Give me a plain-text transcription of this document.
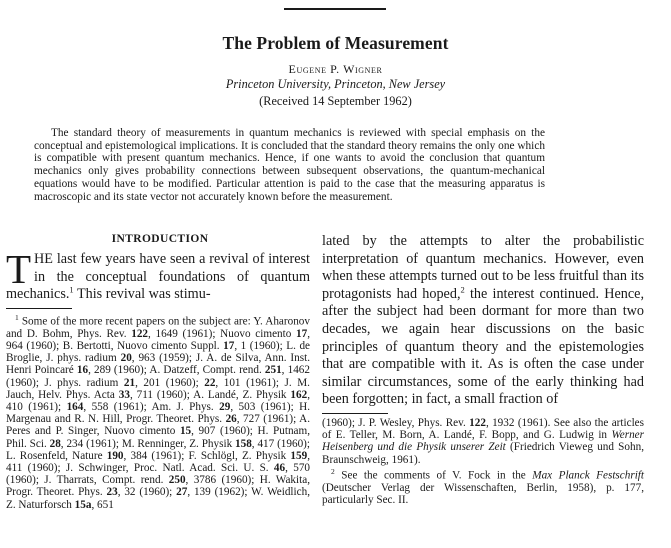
The Problem of Measurement
Eugene P. Wigner
Princeton University, Princeton, New Jersey
(Received 14 September 1962)

The standard theory of measurements in quantum mechanics is reviewed with special emphasis on the conceptual and epistemological implications. It is concluded that the standard theory remains the only one which is compatible with present quantum mechanics. Hence, if one wants to avoid the conclusion that quantum mechanics only gives probability connections between subsequent observations, the quantum-mechanical equations would have to be modified. Particular attention is paid to the case that the measuring apparatus is macroscopic and its state vector not accurately known before the measurement.

INTRODUCTION

THE last few years have seen a revival of interest in the conceptual foundations of quantum mechanics.$^1$ This revival was stimu-

$^1$ Some of the more recent papers on the subject are: Y. Aharonov and D. Bohm, Phys. Rev. 122, 1649 (1961); Nuovo cimento 17, 964 (1960); B. Bertotti, Nuovo cimento Suppl. 17, 1 (1960); L. de Broglie, J. phys. radium 20, 963 (1959); J. A. de Silva, Ann. Inst. Henri Poincaré 16, 289 (1960); A. Datzeff, Compt. rend. 251, 1462 (1960); J. phys. radium 21, 201 (1960); 22, 101 (1961); J. M. Jauch, Helv. Phys. Acta 33, 711 (1960); A. Landé, Z. Physik 162, 410 (1961); 164, 558 (1961); Am. J. Phys. 29, 503 (1961); H. Margenau and R. N. Hill, Progr. Theoret. Phys. 26, 727 (1961); A. Peres and P. Singer, Nuovo cimento 15, 907 (1960); H. Putnam, Phil. Sci. 28, 234 (1961); M. Renninger, Z. Physik 158, 417 (1960); L. Rosenfeld, Nature 190, 384 (1961); F. Schlögl, Z. Physik 159, 411 (1960); J. Schwinger, Proc. Natl. Acad. Sci. U. S. 46, 570 (1960); J. Tharrats, Compt. rend. 250, 3786 (1960); H. Wakita, Progr. Theoret. Phys. 23, 32 (1960); 27, 139 (1962); W. Weidlich, Z. Naturforsch 15a, 651

lated by the attempts to alter the probabilistic interpretation of quantum mechanics. However, even when these attempts turned out to be less fruitful than its protagonists had hoped,$^2$ the interest continued. Hence, after the subject had been dormant for more than two decades, we again hear discussions on the basic principles of quantum theory and the epistemologies that are compatible with it. As is often the case under similar circumstances, some of the early thinking had been forgotten; in fact, a small fraction of

(1960); J. P. Wesley, Phys. Rev. 122, 1932 (1961). See also the articles of E. Teller, M. Born, A. Landé, F. Bopp, and G. Ludwig in Werner Heisenberg und die Physik unserer Zeit (Friedrich Vieweg und Sohn, Braunschweig, 1961).

$^2$ See the comments of V. Fock in the Max Planck Festschrift (Deutscher Verlag der Wissenschaften, Berlin, 1958), p. 177, particularly Sec. II.
